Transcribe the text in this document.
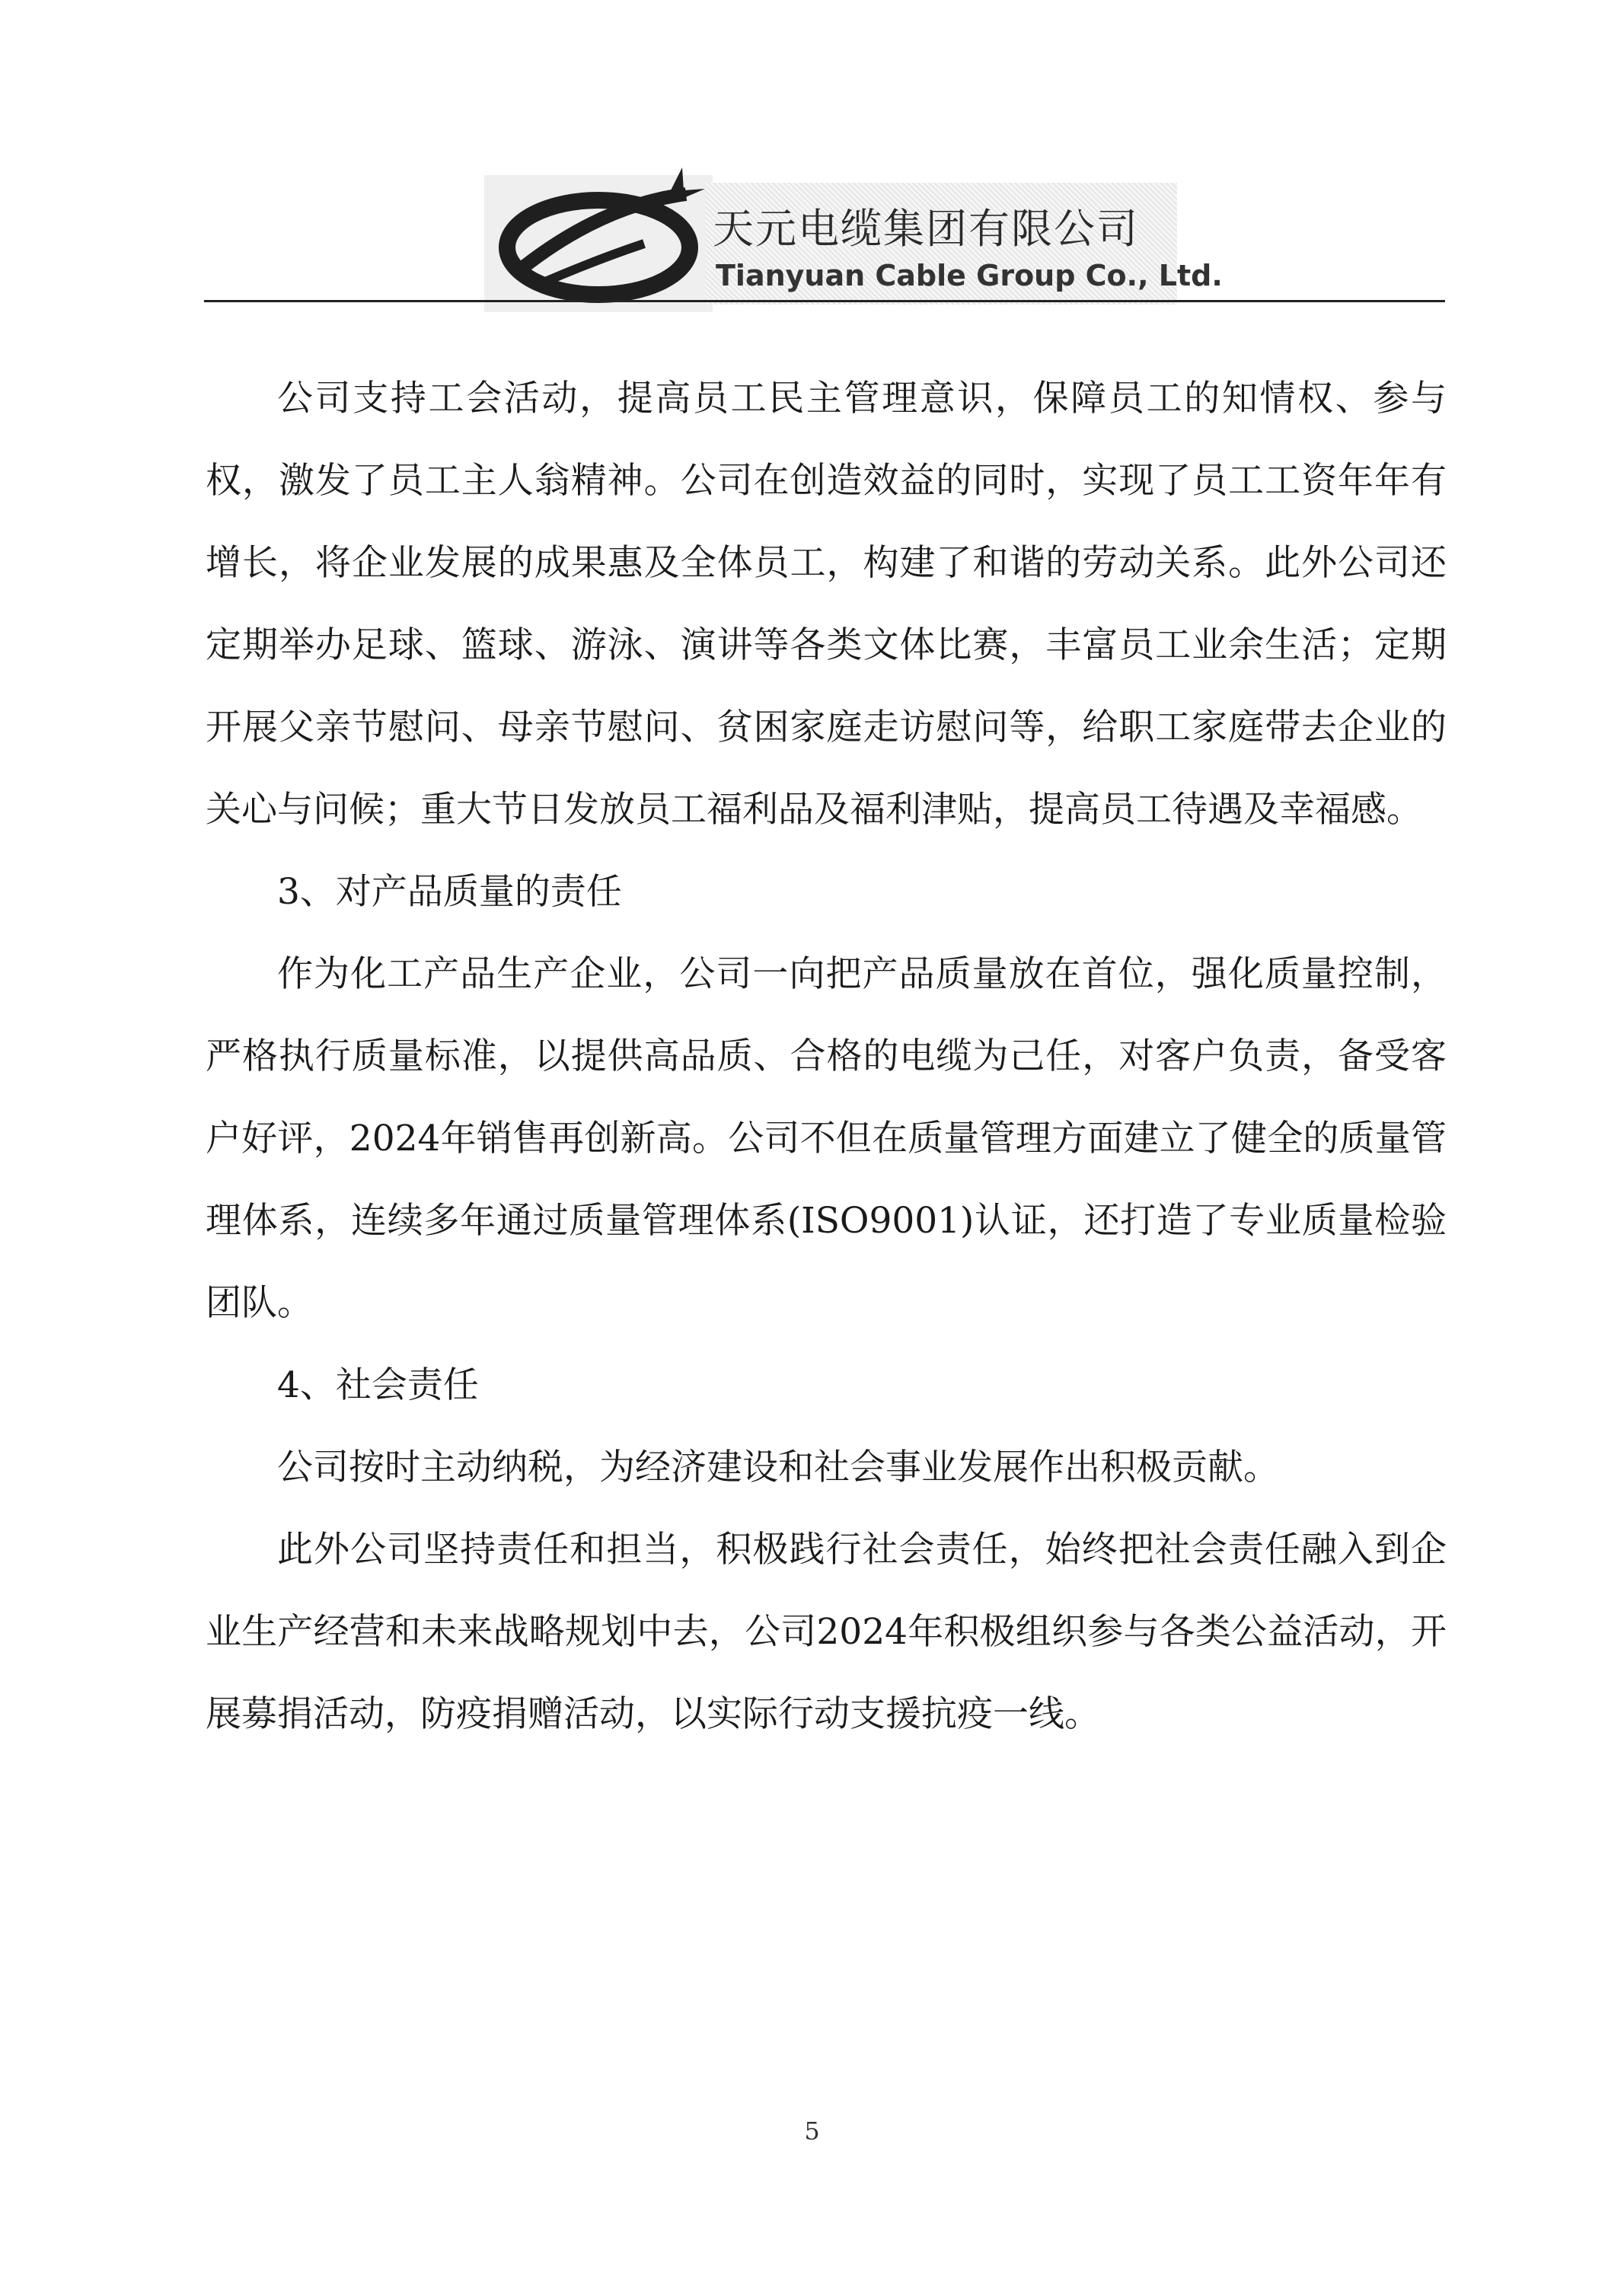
天元电缆集团有限公司
Tianyuan Cable Group Co., Ltd.

公司支持工会活动，提高员工民主管理意识，保障员工的知情权、参与权，激发了员工主人翁精神。公司在创造效益的同时，实现了员工工资年年有增长，将企业发展的成果惠及全体员工，构建了和谐的劳动关系。此外公司还定期举办足球、篮球、游泳、演讲等各类文体比赛，丰富员工业余生活；定期开展父亲节慰问、母亲节慰问、贫困家庭走访慰问等，给职工家庭带去企业的关心与问候；重大节日发放员工福利品及福利津贴，提高员工待遇及幸福感。

3、对产品质量的责任

作为化工产品生产企业，公司一向把产品质量放在首位，强化质量控制，严格执行质量标准，以提供高品质、合格的电缆为己任，对客户负责，备受客户好评，2024年销售再创新高。公司不但在质量管理方面建立了健全的质量管理体系，连续多年通过质量管理体系(ISO9001)认证，还打造了专业质量检验团队。

4、社会责任

公司按时主动纳税，为经济建设和社会事业发展作出积极贡献。

此外公司坚持责任和担当，积极践行社会责任，始终把社会责任融入到企业生产经营和未来战略规划中去，公司2024年积极组织参与各类公益活动，开展募捐活动，防疫捐赠活动，以实际行动支援抗疫一线。

5
